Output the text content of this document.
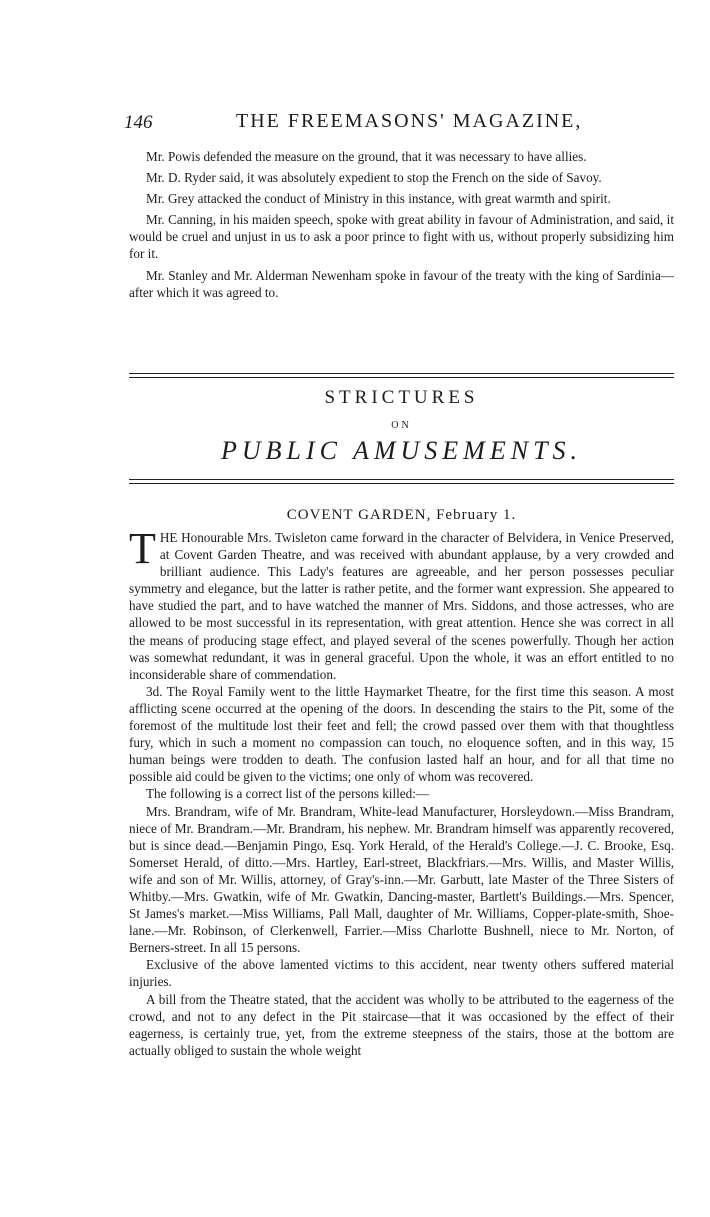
146	THE FREEMASONS' MAGAZINE,

Mr. Powis defended the measure on the ground, that it was necessary to have allies.

Mr. D. Ryder said, it was absolutely expedient to stop the French on the side of Savoy.

Mr. Grey attacked the conduct of Ministry in this instance, with great warmth and spirit.

Mr. Canning, in his maiden speech, spoke with great ability in favour of Administration, and said, it would be cruel and unjust in us to ask a poor prince to fight with us, without properly subsidizing him for it.

Mr. Stanley and Mr. Alderman Newenham spoke in favour of the treaty with the king of Sardinia—after which it was agreed to.

STRICTURES
ON
PUBLIC AMUSEMENTS.
COVENT GARDEN, February 1.

THE Honourable Mrs. Twisleton came forward in the character of Belvidera, in Venice Preserved, at Covent Garden Theatre, and was received with abundant applause, by a very crowded and brilliant audience. This Lady's features are agreeable, and her person possesses peculiar symmetry and elegance, but the latter is rather petite, and the former want expression. She appeared to have studied the part, and to have watched the manner of Mrs. Siddons, and those actresses, who are allowed to be most successful in its representation, with great attention. Hence she was correct in all the means of producing stage effect, and played several of the scenes powerfully. Though her action was somewhat redundant, it was in general graceful. Upon the whole, it was an effort entitled to no inconsiderable share of commendation.

3d. The Royal Family went to the little Haymarket Theatre, for the first time this season. A most afflicting scene occurred at the opening of the doors. In descending the stairs to the Pit, some of the foremost of the multitude lost their feet and fell; the crowd passed over them with that thoughtless fury, which in such a moment no compassion can touch, no eloquence soften, and in this way, 15 human beings were trodden to death. The confusion lasted half an hour, and for all that time no possible aid could be given to the victims; one only of whom was recovered.

The following is a correct list of the persons killed:—

Mrs. Brandram, wife of Mr. Brandram, White-lead Manufacturer, Horsleydown.—Miss Brandram, niece of Mr. Brandram.—Mr. Brandram, his nephew. Mr. Brandram himself was apparently recovered, but is since dead.—Benjamin Pingo, Esq. York Herald, of the Herald's College.—J. C. Brooke, Esq. Somerset Herald, of ditto.—Mrs. Hartley, Earl-street, Blackfriars.—Mrs. Willis, and Master Willis, wife and son of Mr. Willis, attorney, of Gray's-inn.—Mr. Garbutt, late Master of the Three Sisters of Whitby.—Mrs. Gwatkin, wife of Mr. Gwatkin, Dancing-master, Bartlett's Buildings.—Mrs. Spencer, St James's market.—Miss Williams, Pall Mall, daughter of Mr. Williams, Copper-plate-smith, Shoe-lane.—Mr. Robinson, of Clerkenwell, Farrier.—Miss Charlotte Bushnell, niece to Mr. Norton, of Berners-street. In all 15 persons.

Exclusive of the above lamented victims to this accident, near twenty others suffered material injuries.

A bill from the Theatre stated, that the accident was wholly to be attributed to the eagerness of the crowd, and not to any defect in the Pit staircase—that it was occasioned by the effect of their eagerness, is certainly true, yet, from the extreme steepness of the stairs, those at the bottom are actually obliged to sustain the whole weight
